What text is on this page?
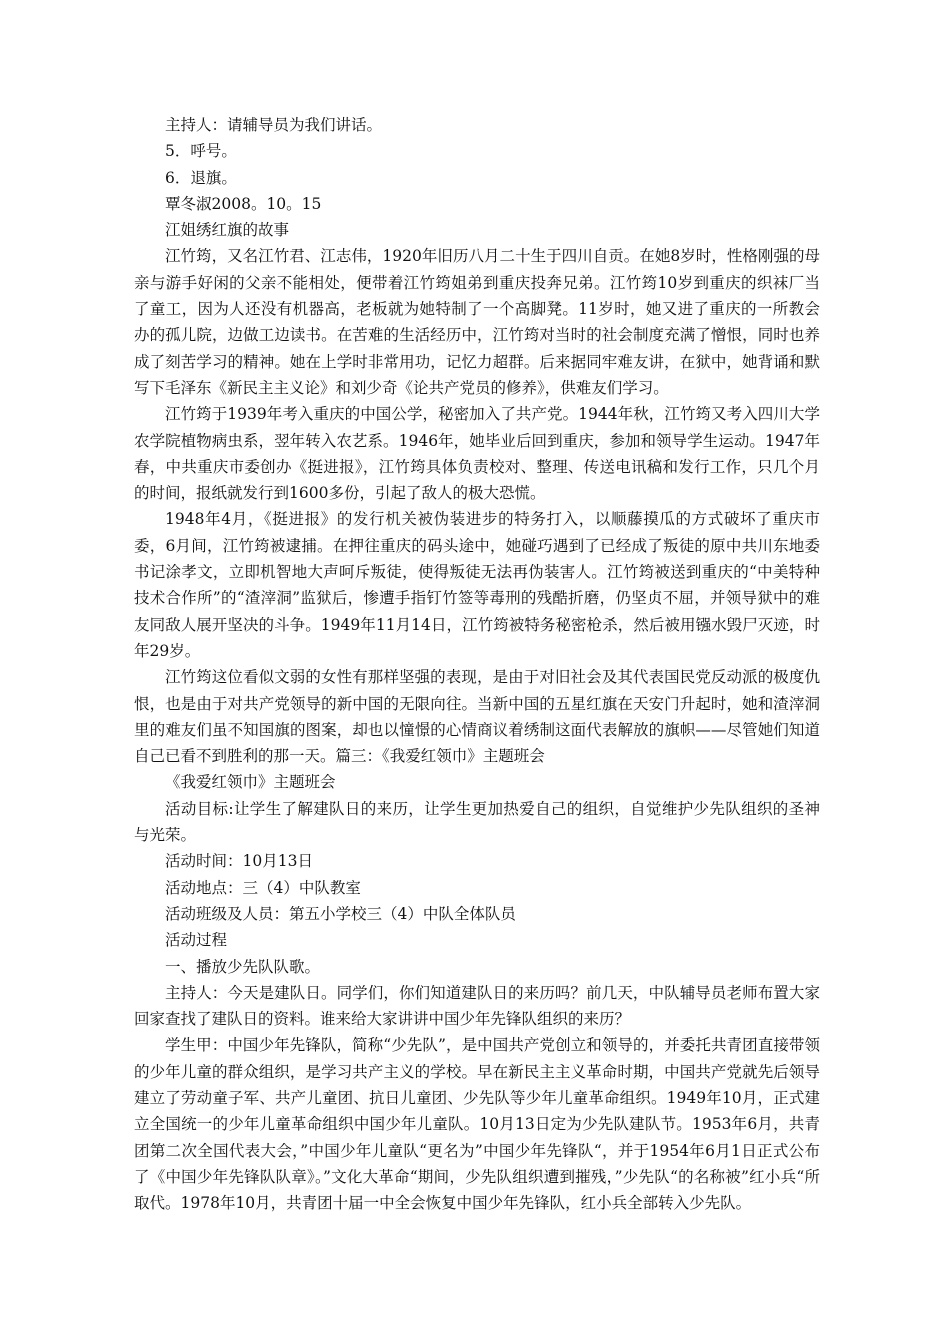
主持人：请辅导员为我们讲话。

5．呼号。

6．退旗。

覃冬淑2008。10。15

江姐绣红旗的故事

江竹筠，又名江竹君、江志伟，1920年旧历八月二十生于四川自贡。在她8岁时，性格刚强的母亲与游手好闲的父亲不能相处，便带着江竹筠姐弟到重庆投奔兄弟。江竹筠10岁到重庆的织袜厂当了童工，因为人还没有机器高，老板就为她特制了一个高脚凳。11岁时，她又进了重庆的一所教会办的孤儿院，边做工边读书。在苦难的生活经历中，江竹筠对当时的社会制度充满了憎恨，同时也养成了刻苦学习的精神。她在上学时非常用功，记忆力超群。后来据同牢难友讲，在狱中，她背诵和默写下毛泽东《新民主主义论》和刘少奇《论共产党员的修养》，供难友们学习。

江竹筠于1939年考入重庆的中国公学，秘密加入了共产党。1944年秋，江竹筠又考入四川大学农学院植物病虫系，翌年转入农艺系。1946年，她毕业后回到重庆，参加和领导学生运动。1947年春，中共重庆市委创办《挺进报》，江竹筠具体负责校对、整理、传送电讯稿和发行工作，只几个月的时间，报纸就发行到1600多份，引起了敌人的极大恐慌。

1948年4月，《挺进报》的发行机关被伪装进步的特务打入，以顺藤摸瓜的方式破坏了重庆市委，6月间，江竹筠被逮捕。在押往重庆的码头途中，她碰巧遇到了已经成了叛徒的原中共川东地委书记涂孝文，立即机智地大声呵斥叛徒，使得叛徒无法再伪装害人。江竹筠被送到重庆的“中美特种技术合作所”的“渣滓洞”监狱后，惨遭手指钉竹签等毒刑的残酷折磨，仍坚贞不屈，并领导狱中的难友同敌人展开坚决的斗争。1949年11月14日，江竹筠被特务秘密枪杀，然后被用镪水毁尸灭迹，时年29岁。

江竹筠这位看似文弱的女性有那样坚强的表现，是由于对旧社会及其代表国民党反动派的极度仇恨，也是由于对共产党领导的新中国的无限向往。当新中国的五星红旗在天安门升起时，她和渣滓洞里的难友们虽不知国旗的图案，却也以憧憬的心情商议着绣制这面代表解放的旗帜——尽管她们知道自己已看不到胜利的那一天。篇三：《我爱红领巾》主题班会

《我爱红领巾》主题班会

活动目标:让学生了解建队日的来历，让学生更加热爱自己的组织，自觉维护少先队组织的圣神与光荣。

活动时间：10月13日

活动地点：三（4）中队教室

活动班级及人员：第五小学校三（4）中队全体队员

活动过程

一、播放少先队队歌。

主持人：今天是建队日。同学们，你们知道建队日的来历吗？前几天，中队辅导员老师布置大家回家查找了建队日的资料。谁来给大家讲讲中国少年先锋队组织的来历？

学生甲：中国少年先锋队，简称“少先队”，是中国共产党创立和领导的，并委托共青团直接带领的少年儿童的群众组织，是学习共产主义的学校。早在新民主主义革命时期，中国共产党就先后领导建立了劳动童子军、共产儿童团、抗日儿童团、少先队等少年儿童革命组织。1949年10月，正式建立全国统一的少年儿童革命组织中国少年儿童队。10月13日定为少先队建队节。1953年6月，共青团第二次全国代表大会，”中国少年儿童队“更名为”中国少年先锋队“，并于1954年6月1日正式公布了《中国少年先锋队队章》。”文化大革命“期间，少先队组织遭到摧残，”少先队“的名称被”红小兵“所取代。1978年10月，共青团十届一中全会恢复中国少年先锋队，红小兵全部转入少先队。
